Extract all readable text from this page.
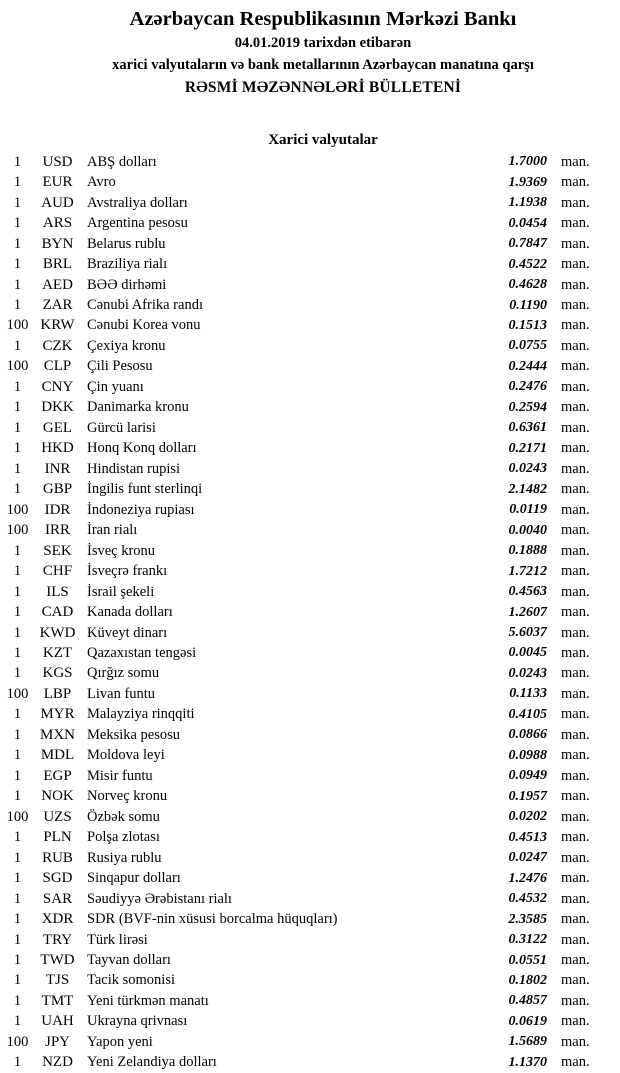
Azərbaycan Respublikasının Mərkəzi Bankı
04.01.2019 tarixdən etibarən
xarici valyutaların və bank metallarının Azərbaycan manatına qarşı
RƏSMİ MƏZƏNNƏLƏRİ BÜLLETENİ
Xarici valyutalar
1	USD	ABŞ dolları	1.7000 man.
1	EUR	Avro	1.9369 man.
1	AUD Avstraliya dolları	1.1938 man.
1	ARS	Argentina pesosu	0.0454 man.
1	BYN Belarus rublu	0.7847 man.
1	BRL	Braziliya rialı	0.4522 man.
1	AED BƏƏ dirhəmi	0.4628 man.
1	ZAR	Cənubi Afrika randı	0.1190 man.
100 KRW Cənubi Korea vonu	0.1513 man.
1	CZK	Çexiya kronu	0.0755 man.
100	CLP	Çili Pesosu	0.2444 man.
1	CNY Çin yuanı	0.2476 man.
1	DKK Danimarka kronu	0.2594 man.
1	GEL	Gürcü larisi	0.6361 man.
1	HKD Honq Konq dolları	0.2171 man.
1	INR	Hindistan rupisi	0.0243 man.
1	GBP	İngilis funt sterlinqi	2.1482 man.
100	IDR	İndoneziya rupiası	0.0119 man.
100	IRR	İran rialı	0.0040 man.
1	SEK	İsveç kronu	0.1888 man.
1	CHF	İsveçrə frankı	1.7212 man.
1	ILS	İsrail şekeli	0.4563 man.
1	CAD Kanada dolları	1.2607 man.
1	KWD Küveyt dinarı	5.6037 man.
1	KZT	Qazaxıstan tengəsi	0.0045 man.
1	KGS	Qırğız somu	0.0243 man.
100	LBP	Livan funtu	0.1133 man.
1	MYR Malayziya rinqqiti	0.4105 man.
1	MXN Meksika pesosu	0.0866 man.
1	MDL Moldova leyi	0.0988 man.
1	EGP	Misir funtu	0.0949 man.
1	NOK Norveç kronu	0.1957 man.
100 UZS	Özbək somu	0.0202 man.
1	PLN	Polşa zlotası	0.4513 man.
1	RUB Rusiya rublu	0.0247 man.
1	SGD	Sinqapur dolları	1.2476 man.
1	SAR	Səudiyyə Ərəbistanı rialı	0.4532 man.
1	XDR SDR (BVF-nin xüsusi borcalma hüquqları)	2.3585 man.
1	TRY	Türk lirəsi	0.3122 man.
1	TWD Tayvan dolları	0.0551 man.
1	TJS	Tacik somonisi	0.1802 man.
1	TMT Yeni türkmən manatı	0.4857 man.
1	UAH Ukrayna qrivnası	0.0619 man.
100	JPY	Yapon yeni	1.5689 man.
1	NZD Yeni Zelandiya dolları	1.1370 man.
